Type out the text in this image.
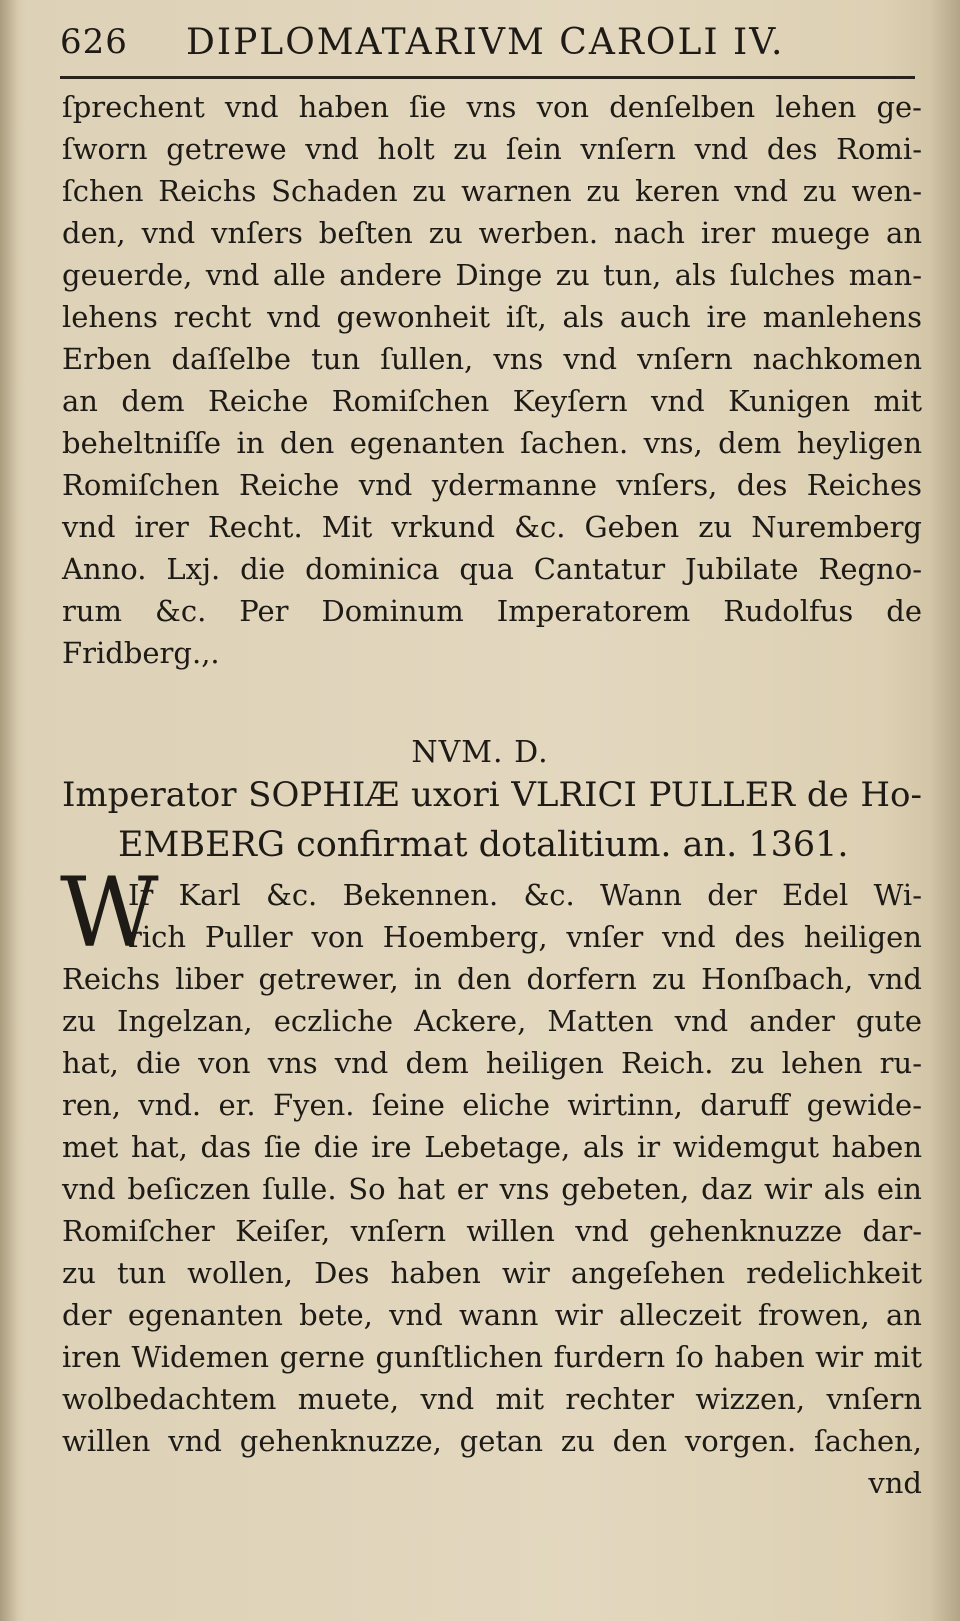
626 DIPLOMATARIVM CAROLI IV.
ſprechent vnd haben ſie vns von denſelben lehen ge-
ſworn getrewe vnd holt zu ſein vnſern vnd des Romi-
ſchen Reichs Schaden zu warnen zu keren vnd zu wen-
den, vnd vnſers beſten zu werben. nach irer muege an
geuerde, vnd alle andere Dinge zu tun, als ſulches man-
lehens recht vnd gewonheit iſt, als auch ire manlehens
Erben daſſelbe tun ſullen, vns vnd vnſern nachkomen
an dem Reiche Romiſchen Keyſern vnd Kunigen mit
beheltniſſe in den egenanten ſachen. vns, dem heyligen
Romiſchen Reiche vnd ydermanne vnſers, des Reiches
vnd irer Recht. Mit vrkund &c. Geben zu Nuremberg
Anno. Lxj. die dominica qua Cantatur Jubilate Regno-
rum &c. Per Dominum Imperatorem Rudolfus de
Fridberg.,.
NVM. D.
Imperator SOPHIÆ uxori VLRICI PULLER de Ho-
EMBERG confirmat dotalitium. an. 1361.
W
Ir Karl &c. Bekennen. &c. Wann der Edel Wi-
rich Puller von Hoemberg, vnſer vnd des heiligen
Reichs liber getrewer, in den dorfern zu Honſbach, vnd
zu Ingelzan, eczliche Ackere, Matten vnd ander gute
hat, die von vns vnd dem heiligen Reich. zu lehen ru-
ren, vnd. er. Fyen. ſeine eliche wirtinn, daruff gewide-
met hat, das ſie die ire Lebetage, als ir widemgut haben
vnd beſiczen ſulle. So hat er vns gebeten, daz wir als ein
Romiſcher Keiſer, vnſern willen vnd gehenknuzze dar-
zu tun wollen, Des haben wir angeſehen redelichkeit
der egenanten bete, vnd wann wir alleczeit frowen, an
iren Widemen gerne gunſtlichen furdern ſo haben wir mit
wolbedachtem muete, vnd mit rechter wizzen, vnſern
willen vnd gehenknuzze, getan zu den vorgen. ſachen,
vnd
